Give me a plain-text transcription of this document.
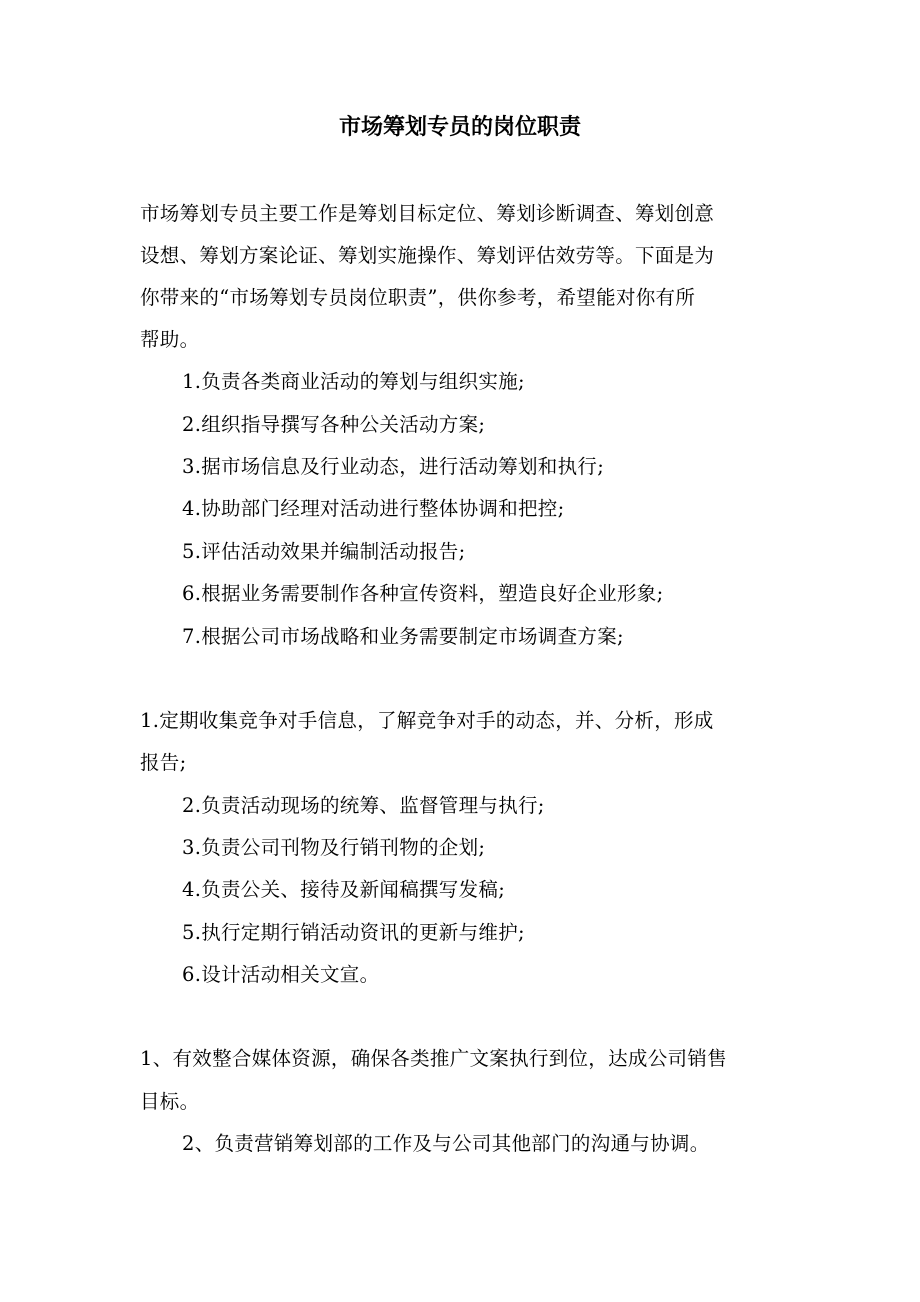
市场筹划专员的岗位职责
市场筹划专员主要工作是筹划目标定位、筹划诊断调查、筹划创意
设想、筹划方案论证、筹划实施操作、筹划评估效劳等。下面是为
你带来的“市场筹划专员岗位职责”，供你参考，希望能对你有所
帮助。
1.负责各类商业活动的筹划与组织实施;
2.组织指导撰写各种公关活动方案;
3.据市场信息及行业动态，进行活动筹划和执行;
4.协助部门经理对活动进行整体协调和把控;
5.评估活动效果并编制活动报告;
6.根据业务需要制作各种宣传资料，塑造良好企业形象;
7.根据公司市场战略和业务需要制定市场调查方案;
1.定期收集竞争对手信息，了解竞争对手的动态，并、分析，形成
报告;
2.负责活动现场的统筹、监督管理与执行;
3.负责公司刊物及行销刊物的企划;
4.负责公关、接待及新闻稿撰写发稿;
5.执行定期行销活动资讯的更新与维护;
6.设计活动相关文宣。
1、有效整合媒体资源，确保各类推广文案执行到位，达成公司销售
目标。
2、负责营销筹划部的工作及与公司其他部门的沟通与协调。
